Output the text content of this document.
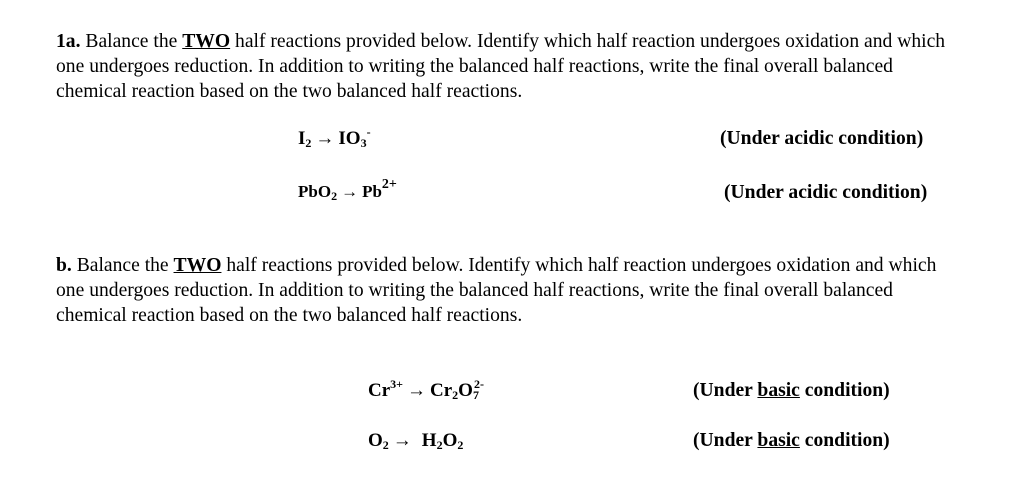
1a. Balance the TWO half reactions provided below. Identify which half reaction undergoes oxidation and which one undergoes reduction. In addition to writing the balanced half reactions, write the final overall balanced chemical reaction based on the two balanced half reactions.

$I_2 \to IO_3^-$	(Under acidic condition)
$PbO_2 \to Pb^{2+}$	(Under acidic condition)

b. Balance the TWO half reactions provided below. Identify which half reaction undergoes oxidation and which one undergoes reduction. In addition to writing the balanced half reactions, write the final overall balanced chemical reaction based on the two balanced half reactions.

$Cr^{3+} \to Cr_2O_7^{2-}$	(Under basic condition)
$O_2 \to H_2O_2$	(Under basic condition)
